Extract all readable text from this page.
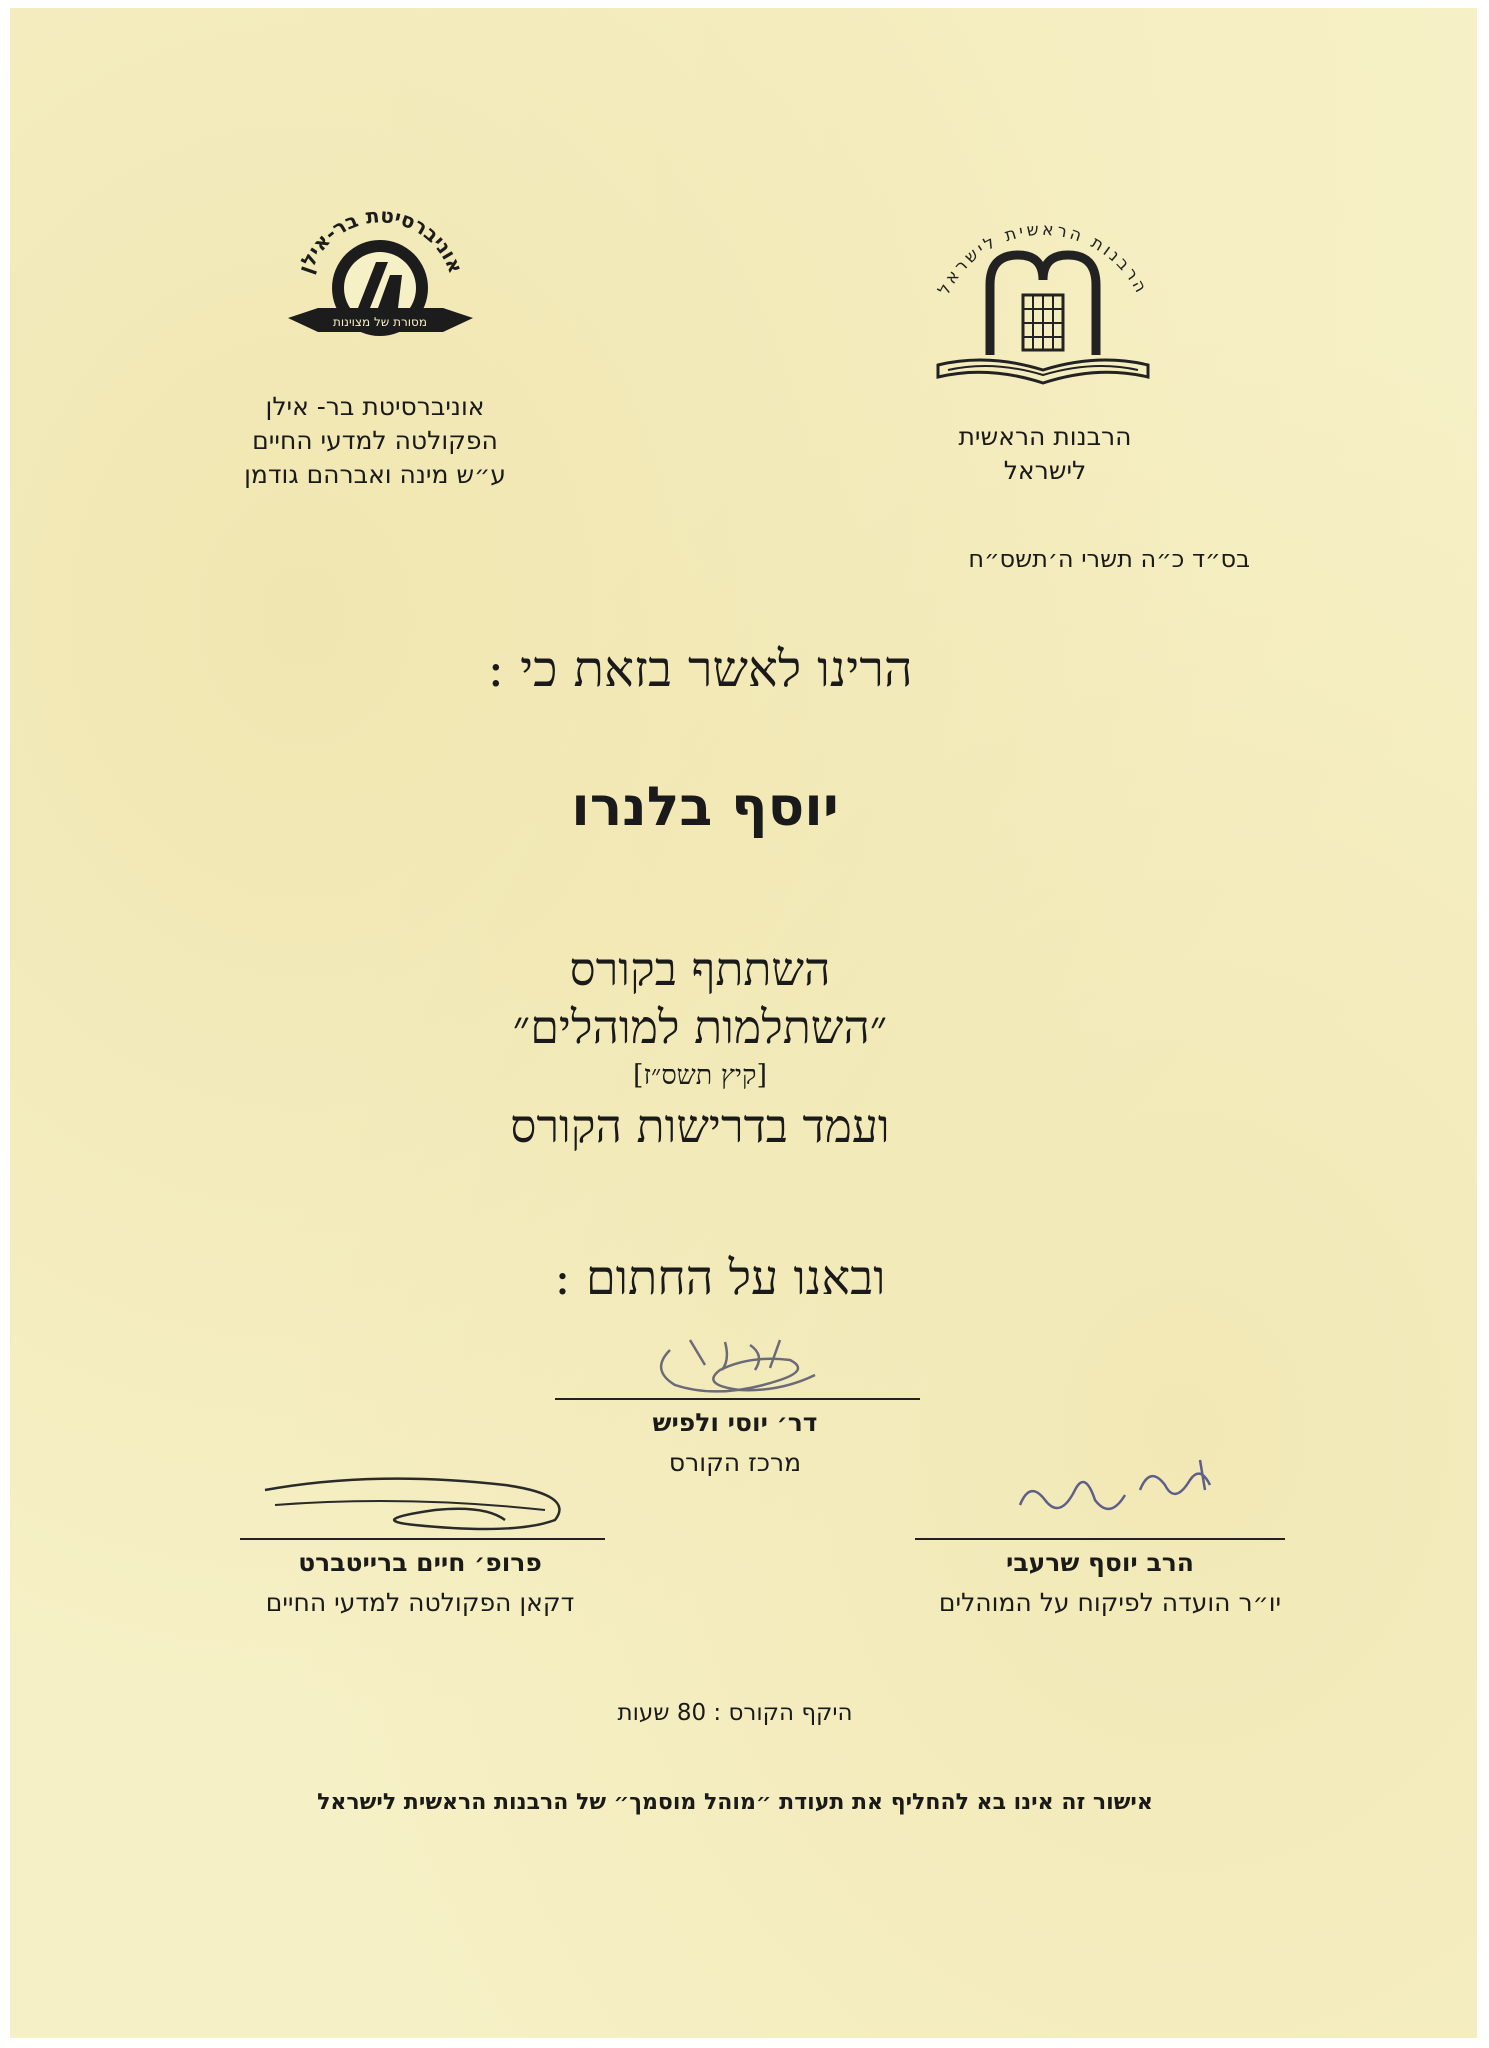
הרבנות הראשית לישראל
מסורת של מצוינות
אוניברסיטת בר-אילן
אוניברסיטת בר- אילן
הפקולטה למדעי החיים
ע״ש מינה ואברהם גודמן
הרבנות הראשית
לישראל
בס״ד כ״ה תשרי ה׳תשס״ח
הרינו לאשר בזאת כי :
יוסף בלנרו
השתתף בקורס
״השתלמות למוהלים״
[קיץ תשס״ז]
ועמד בדרישות הקורס
ובאנו על החתום :
דר׳ יוסי ולפיש
מרכז הקורס
פרופ׳ חיים ברייטברט
דקאן הפקולטה למדעי החיים
הרב יוסף שרעבי
יו״ר הועדה לפיקוח על המוהלים
היקף הקורס : 80 שעות
אישור זה אינו בא להחליף את תעודת ״מוהל מוסמך״ של הרבנות הראשית לישראל
